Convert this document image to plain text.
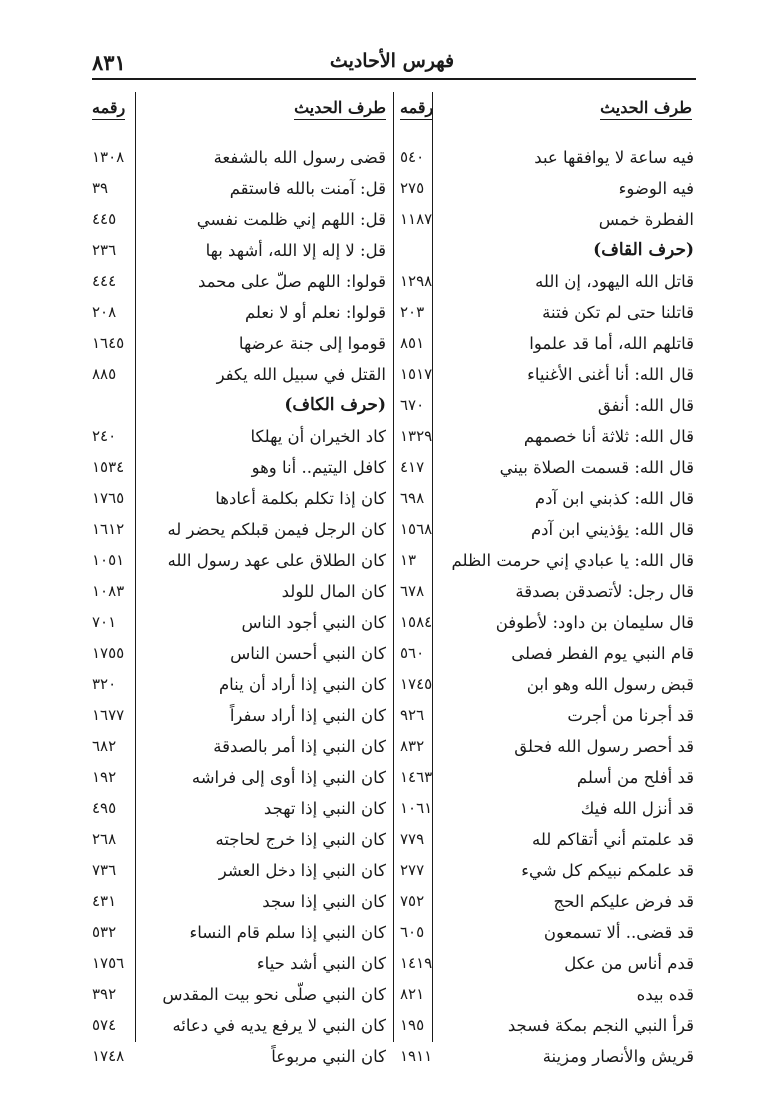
فهرس الأحاديث
٨٣١
طرف الحديث
رقمه
فيه ساعة لا يوافقها عبد
٥٤٠
فيه الوضوء
٢٧٥
الفطرة خمس
١١٨٧
(حرف القاف)
قاتل الله اليهود، إن الله
١٢٩٨
قاتلنا حتى لم تكن فتنة
٢٠٣
قاتلهم الله، أما قد علموا
٨٥١
قال الله: أنا أغنى الأغنياء
١٥١٧
قال الله: أنفق
٦٧٠
قال الله: ثلاثة أنا خصمهم
١٣٢٩
قال الله: قسمت الصلاة بيني
٤١٧
قال الله: كذبني ابن آدم
٦٩٨
قال الله: يؤذيني ابن آدم
١٥٦٨
قال الله: يا عبادي إني حرمت الظلم
١٣
قال رجل: لأتصدقن بصدقة
٦٧٨
قال سليمان بن داود: لأطوفن
١٥٨٤
قام النبي يوم الفطر فصلى
٥٦٠
قبض رسول الله وهو ابن
١٧٤٥
قد أجرنا من أجرت
٩٢٦
قد أحصر رسول الله فحلق
٨٣٢
قد أفلح من أسلم
١٤٦٣
قد أنزل الله فيك
١٠٦١
قد علمتم أني أتقاكم لله
٧٧٩
قد علمكم نبيكم كل شيء
٢٧٧
قد فرض عليكم الحج
٧٥٢
قد قضى.. ألا تسمعون
٦٠٥
قدم أناس من عكل
١٤١٩
قده بيده
٨٢١
قرأ النبي النجم بمكة فسجد
١٩٥
قريش والأنصار ومزينة
١٩١١
طرف الحديث
رقمه
قضى رسول الله بالشفعة
١٣٠٨
قل: آمنت بالله فاستقم
٣٩
قل: اللهم إني ظلمت نفسي
٤٤٥
قل: لا إله إلا الله، أشهد بها
٢٣٦
قولوا: اللهم صلّ على محمد
٤٤٤
قولوا: نعلم أو لا نعلم
٢٠٨
قوموا إلى جنة عرضها
١٦٤٥
القتل في سبيل الله يكفر
٨٨٥
(حرف الكاف)
كاد الخيران أن يهلكا
٢٤٠
كافل اليتيم.. أنا وهو
١٥٣٤
كان إذا تكلم بكلمة أعادها
١٧٦٥
كان الرجل فيمن قبلكم يحضر له
١٦١٢
كان الطلاق على عهد رسول الله
١٠٥١
كان المال للولد
١٠٨٣
كان النبي أجود الناس
٧٠١
كان النبي أحسن الناس
١٧٥٥
كان النبي إذا أراد أن ينام
٣٢٠
كان النبي إذا أراد سفراً
١٦٧٧
كان النبي إذا أمر بالصدقة
٦٨٢
كان النبي إذا أوى إلى فراشه
١٩٢
كان النبي إذا تهجد
٤٩٥
كان النبي إذا خرج لحاجته
٢٦٨
كان النبي إذا دخل العشر
٧٣٦
كان النبي إذا سجد
٤٣١
كان النبي إذا سلم قام النساء
٥٣٢
كان النبي أشد حياء
١٧٥٦
كان النبي صلّى نحو بيت المقدس
٣٩٢
كان النبي لا يرفع يديه في دعائه
٥٧٤
كان النبي مربوعاً
١٧٤٨
